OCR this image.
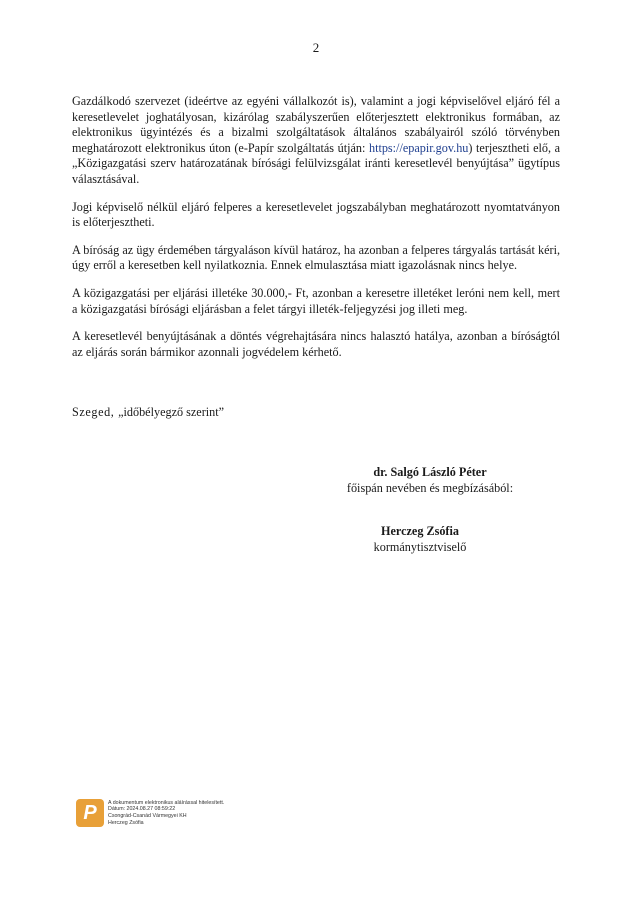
2

Gazdálkodó szervezet (ideértve az egyéni vállalkozót is), valamint a jogi képviselővel eljáró fél a keresetlevelet joghatályosan, kizárólag szabályszerűen előterjesztett elektronikus formában, az elektronikus ügyintézés és a bizalmi szolgáltatások általános szabályairól szóló törvényben meghatározott elektronikus úton (e-Papír szolgáltatás útján: https://epapir.gov.hu) terjesztheti elő, a „Közigazgatási szerv határozatának bírósági felülvizsgálat iránti keresetlevél benyújtása” ügytípus választásával.

Jogi képviselő nélkül eljáró felperes a keresetlevelet jogszabályban meghatározott nyomtatványon is előterjesztheti.

A bíróság az ügy érdemében tárgyaláson kívül határoz, ha azonban a felperes tárgyalás tartását kéri, úgy erről a keresetben kell nyilatkoznia. Ennek elmulasztása miatt igazolásnak nincs helye.

A közigazgatási per eljárási illetéke 30.000,- Ft, azonban a keresetre illetéket leróni nem kell, mert a közigazgatási bírósági eljárásban a felet tárgyi illeték-feljegyzési jog illeti meg.

A keresetlevél benyújtásának a döntés végrehajtására nincs halasztó hatálya, azonban a bíróságtól az eljárás során bármikor azonnali jogvédelem kérhető.

Szeged, „időbélyegző szerint”
dr. Salgó László Péter
főispán nevében és megbízásából:
Herczeg Zsófia
kormánytisztviselő
P	A dokumentum elektronikus aláírással hitelesített.
Dátum: 2024.08.27 08:59:22
Csongrád-Csanád Vármegyei KH
Herczeg Zsófia
